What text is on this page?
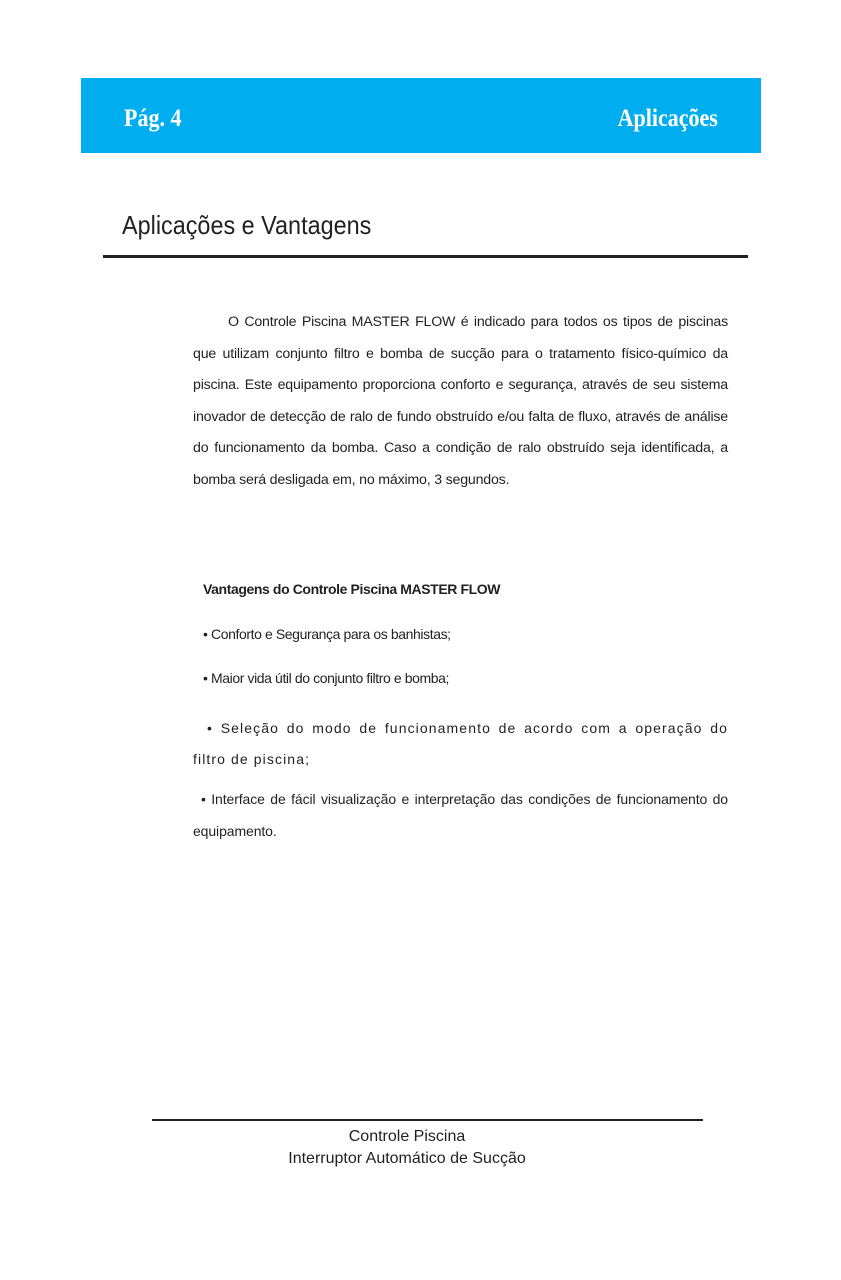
Pág. 4	Aplicações
Aplicações e Vantagens
O Controle Piscina MASTER FLOW é indicado para todos os tipos de piscinas que utilizam conjunto filtro e bomba de sucção para o tratamento físico-químico da piscina. Este equipamento proporciona conforto e segurança, através de seu sistema inovador de detecção de ralo de fundo obstruído e/ou falta de fluxo, através de análise do funcionamento da bomba. Caso a condição de ralo obstruído seja identificada, a bomba será desligada em, no máximo, 3 segundos.
Vantagens do Controle Piscina MASTER FLOW
• Conforto e Segurança para os banhistas;
• Maior vida útil do conjunto filtro e bomba;
• Seleção do modo de funcionamento de acordo com a operação do filtro de piscina;
• Interface de fácil visualização e interpretação das condições de funcionamento do equipamento.
Controle Piscina
Interruptor Automático de Sucção
